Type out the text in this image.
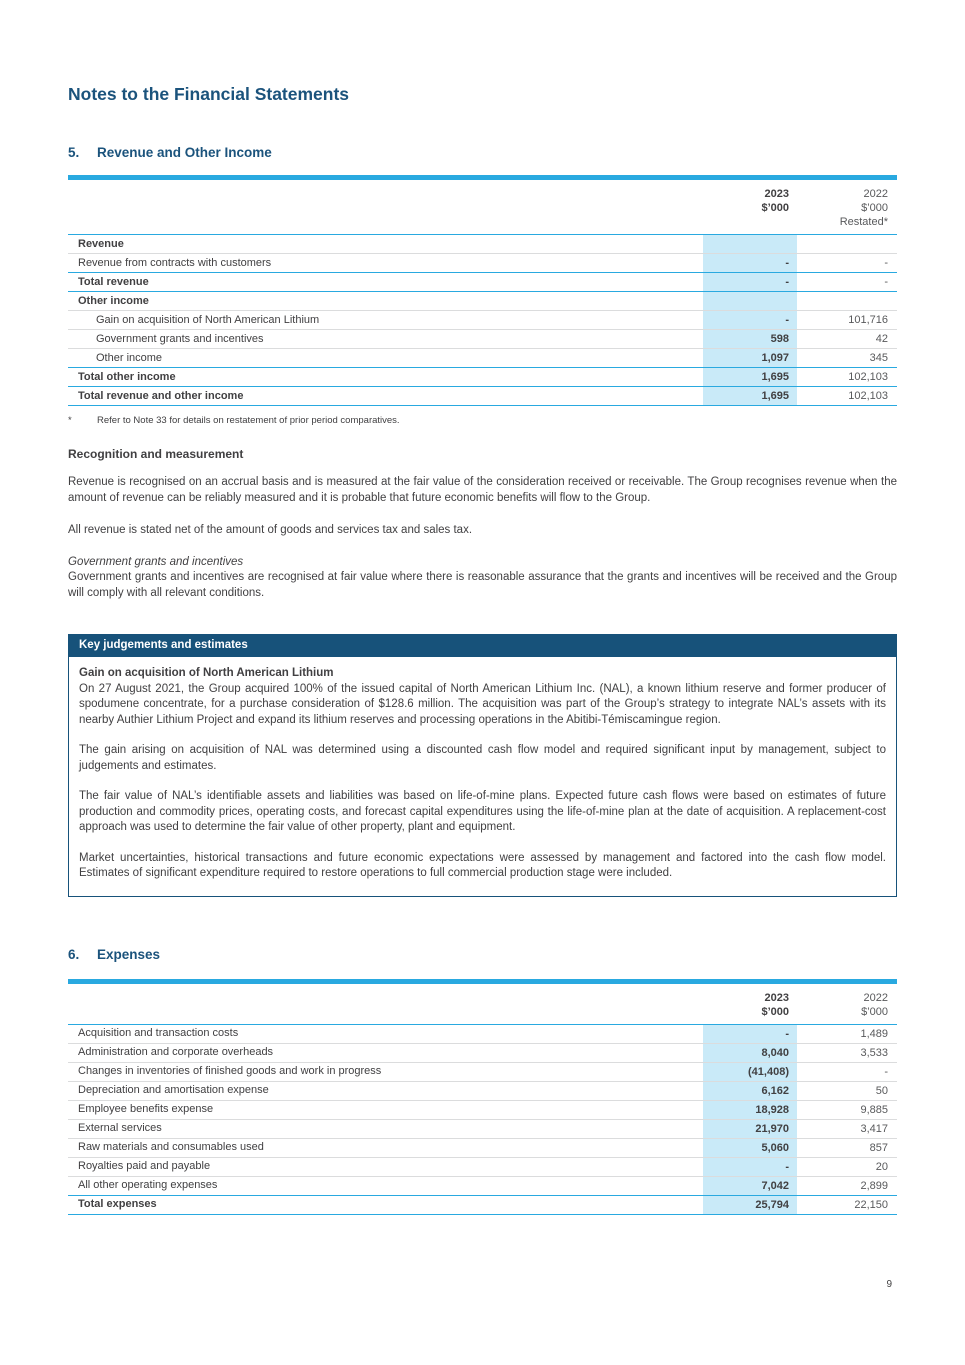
Notes to the Financial Statements
5.	Revenue and Other Income
2023
$’000
2022
$’000
Restated*
Revenue
Revenue from contracts with customers	-	-
Total revenue	-	-
Other income
Gain on acquisition of North American Lithium	-	101,716
Government grants and incentives	598	42
Other income	1,097	345
Total other income	1,695	102,103
Total revenue and other income	1,695	102,103
*	Refer to Note 33 for details on restatement of prior period comparatives.
Recognition and measurement

Revenue is recognised on an accrual basis and is measured at the fair value of the consideration received or receivable. The Group recognises revenue when the amount of revenue can be reliably measured and it is probable that future economic benefits will flow to the Group.

All revenue is stated net of the amount of goods and services tax and sales tax.

Government grants and incentives

Government grants and incentives are recognised at fair value where there is reasonable assurance that the grants and incentives will be received and the Group will comply with all relevant conditions.

Key judgements and estimates
Gain on acquisition of North American Lithium

On 27 August 2021, the Group acquired 100% of the issued capital of North American Lithium Inc. (NAL), a known lithium reserve and former producer of spodumene concentrate, for a purchase consideration of $128.6 million. The acquisition was part of the Group’s strategy to integrate NAL’s assets with its nearby Authier Lithium Project and expand its lithium reserves and processing operations in the Abitibi-Témiscamingue region.

The gain arising on acquisition of NAL was determined using a discounted cash flow model and required significant input by management, subject to judgements and estimates.

The fair value of NAL’s identifiable assets and liabilities was based on life-of-mine plans. Expected future cash flows were based on estimates of future production and commodity prices, operating costs, and forecast capital expenditures using the life-of-mine plan at the date of acquisition. A replacement-cost approach was used to determine the fair value of other property, plant and equipment.

Market uncertainties, historical transactions and future economic expectations were assessed by management and factored into the cash flow model. Estimates of significant expenditure required to restore operations to full commercial production stage were included.

6.	Expenses
2023
$’000
2022
$’000
Acquisition and transaction costs	-	1,489
Administration and corporate overheads	8,040	3,533
Changes in inventories of finished goods and work in progress	(41,408)	-
Depreciation and amortisation expense	6,162	50
Employee benefits expense	18,928	9,885
External services	21,970	3,417
Raw materials and consumables used	5,060	857
Royalties paid and payable	-	20
All other operating expenses	7,042	2,899
Total expenses	25,794	22,150
9
